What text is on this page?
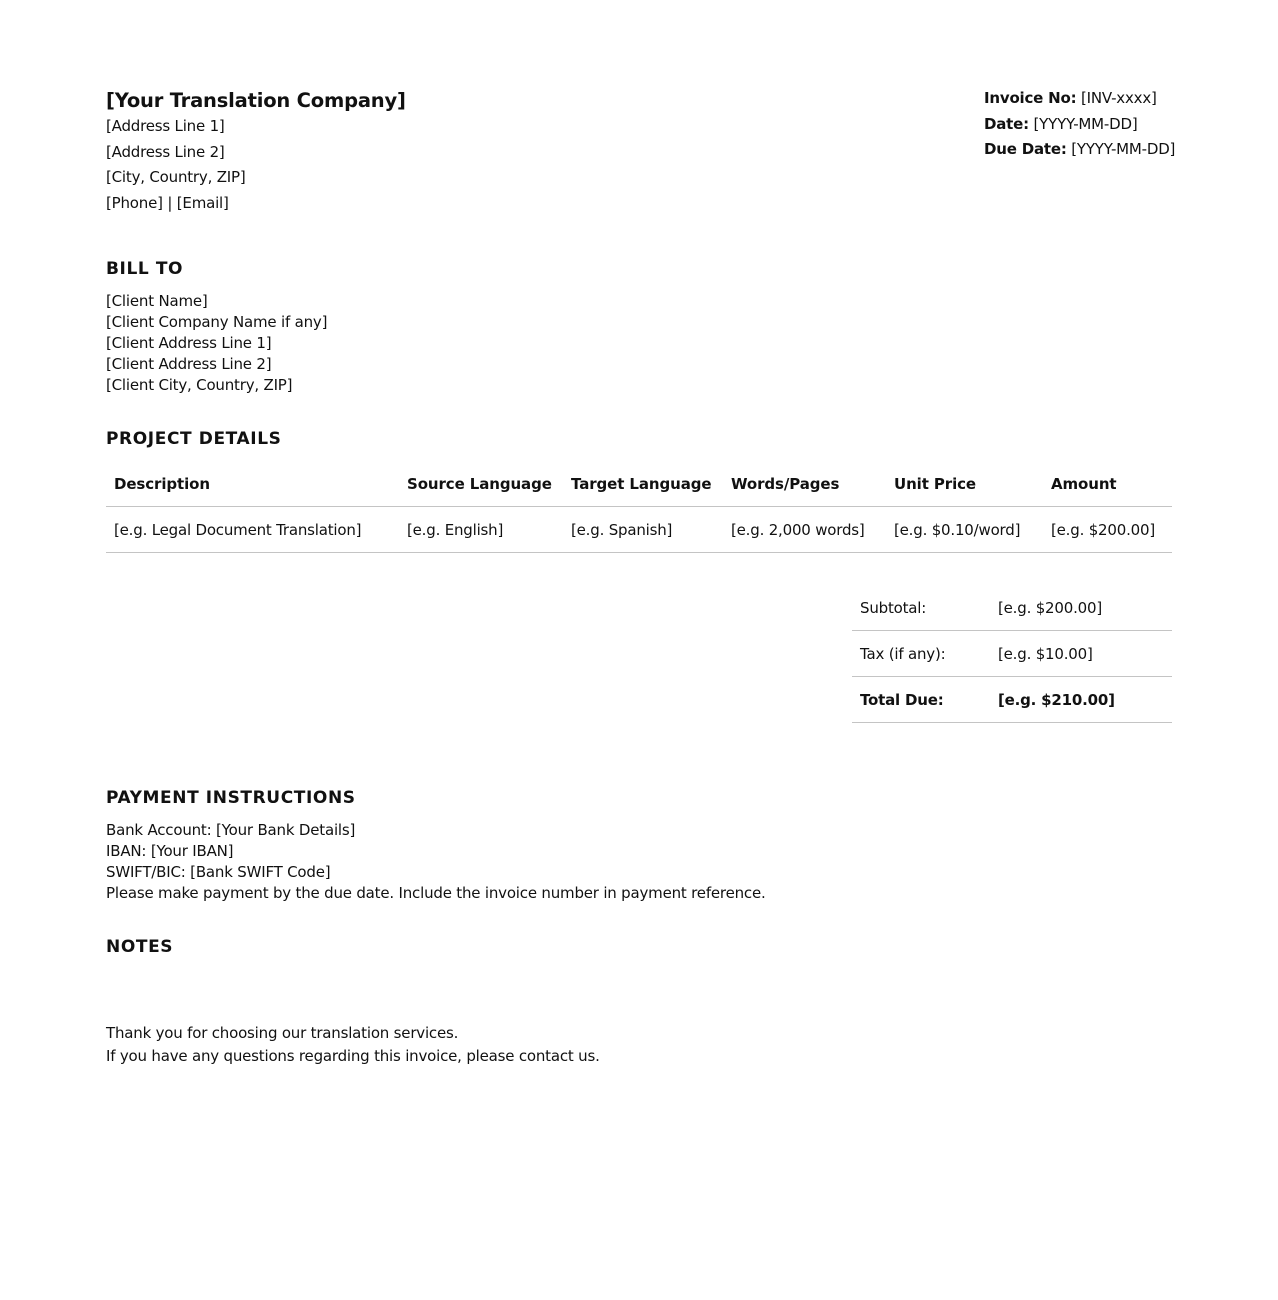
[Your Translation Company]
[Address Line 1]
[Address Line 2]
[City, Country, ZIP]
[Phone] | [Email]
Invoice No: [INV-xxxx]
Date: [YYYY-MM-DD]
Due Date: [YYYY-MM-DD]
BILL TO
[Client Name]
[Client Company Name if any]
[Client Address Line 1]
[Client Address Line 2]
[Client City, Country, ZIP]
PROJECT DETAILS
Description	Source Language	Target Language	Words/Pages	Unit Price	Amount
[e.g. Legal Document Translation]	[e.g. English]	[e.g. Spanish]	[e.g. 2,000 words]	[e.g. $0.10/word]	[e.g. $200.00]
Subtotal:	[e.g. $200.00]
Tax (if any):	[e.g. $10.00]
Total Due:	[e.g. $210.00]
PAYMENT INSTRUCTIONS
Bank Account: [Your Bank Details]
IBAN: [Your IBAN]
SWIFT/BIC: [Bank SWIFT Code]
Please make payment by the due date. Include the invoice number in payment reference.
NOTES
Thank you for choosing our translation services.
If you have any questions regarding this invoice, please contact us.
